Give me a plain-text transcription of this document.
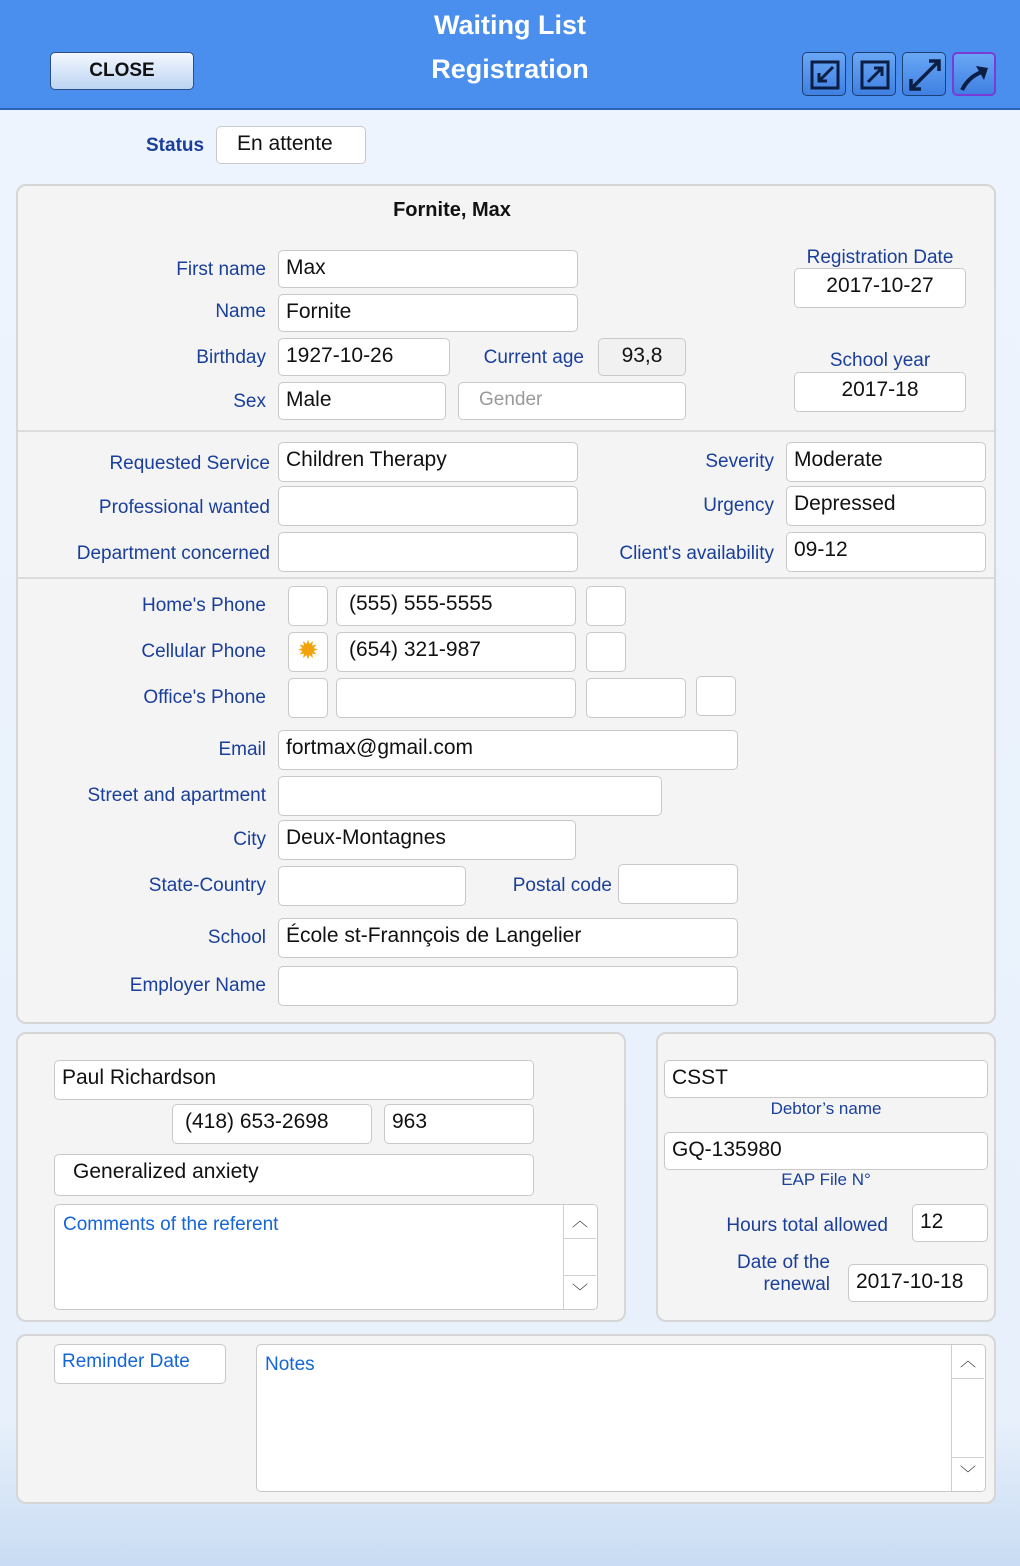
Waiting List
Registration
CLOSE
Status	En attente
Fornite, Max
First name Max
Name Fornite
Birthday 1927-10-26	Current age	93,8
Sex Male	Gender
Registration Date
2017-10-27
School year
2017-18
Requested Service Children Therapy
Professional wanted
Department concerned
Severity Moderate
Urgency Depressed
Client's availability 09-12
Home's Phone	(555) 555-5555
Cellular Phone	✹	(654) 321-987
Office's Phone
Email fortmax@gmail.com
Street and apartment
City Deux-Montagnes
State-Country	Postal code
School École st-Frannçois de Langelier
Employer Name
Paul Richardson
(418) 653-2698	963
Generalized anxiety
Comments of the referent	︿
﹀
CSST
Debtor’s name
GQ-135980
EAP File N°
Hours total allowed	12
Date of the
renewal	2017-10-18
Reminder Date	Notes	︿
﹀
